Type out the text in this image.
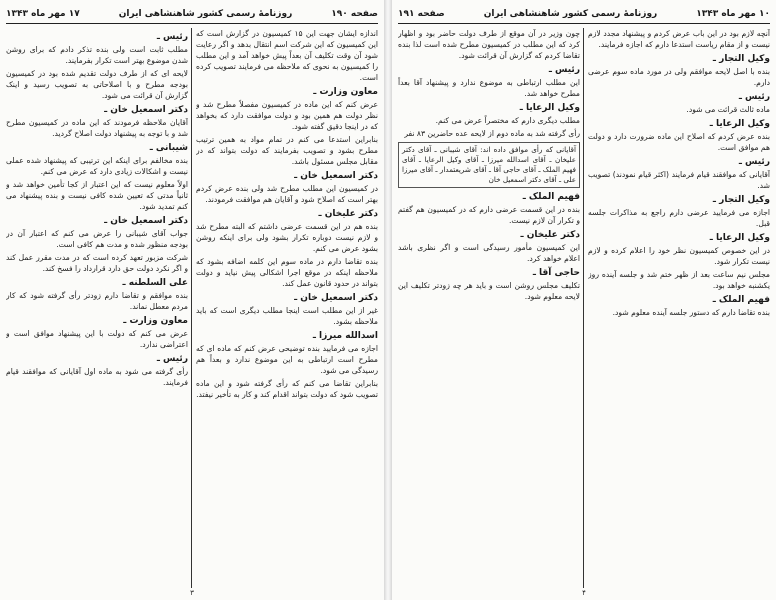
صفحه ۱۹۰
روزنامهٔ رسمی کشور شاهنشاهی ایران
۱۷ مهر ماه ۱۳۴۳

اندازه ایشان جهت این ۱۵ کمیسیون در گزارش است که این کمیسیون که این شرکت اسم انتقال بدهد و اگر رعایت شود آن وقت تکلیف آن بعداً پیش خواهد آمد و این مطلب را کمیسیون به نحوی که ملاحظه می فرمایند تصویب کرده است.

معاون وزارت ـ
عرض کنم که این ماده در کمیسیون مفصلاً مطرح شد و نظر دولت هم همین بود و دولت موافقت دارد که بخواهد که در اینجا دقیق گفته شود.

بنابراین استدعا می کنم در تمام مواد به همین ترتیب مطرح بشود و تصویب بفرمایند که دولت بتواند که در مقابل مجلس مسئول باشد.

دکتر اسمعیل خان ـ
در کمیسیون این مطلب مطرح شد ولی بنده عرض کردم بهتر است که اصلاح شود و آقایان هم موافقت فرمودند.

دکتر علیخان ـ
بنده هم در این قسمت عرضی داشتم که البته مطرح شد و لازم نیست دوباره تکرار بشود ولی برای اینکه روشن بشود عرض می کنم.

بنده تقاضا دارم در ماده سوم این کلمه اضافه بشود که ملاحظه اینکه در موقع اجرا اشکالی پیش نیاید و دولت بتواند در حدود قانون عمل کند.

دکتر اسمعیل خان ـ
غیر از این مطلب است اینجا مطلب دیگری است که باید ملاحظه بشود.

اسدالله میرزا ـ
اجازه می فرمایید بنده توضیحی عرض کنم که ماده ای که مطرح است ارتباطی به این موضوع ندارد و بعداً هم رسیدگی می شود.

بنابراین تقاضا می کنم که رأی گرفته شود و این ماده تصویب شود که دولت بتواند اقدام کند و کار به تأخیر نیفتد.

رئیس ـ
مطلب ثابت است ولی بنده تذکر دادم که برای روشن شدن موضوع بهتر است تکرار بفرمایند.

لایحه ای که از طرف دولت تقدیم شده بود در کمیسیون بودجه مطرح و با اصلاحاتی به تصویب رسید و اینک گزارش آن قرائت می شود.

دکتر اسمعیل خان ـ
آقایان ملاحظه فرمودند که این ماده در کمیسیون مطرح شد و با توجه به پیشنهاد دولت اصلاح گردید.

شیبانی ـ
بنده مخالفم برای اینکه این ترتیبی که پیشنهاد شده عملی نیست و اشکالات زیادی دارد که عرض می کنم.

اولاً معلوم نیست که این اعتبار از کجا تأمین خواهد شد و ثانیاً مدتی که تعیین شده کافی نیست و بنده پیشنهاد می کنم تمدید شود.

دکتر اسمعیل خان ـ
جواب آقای شیبانی را عرض می کنم که اعتبار آن در بودجه منظور شده و مدت هم کافی است.

شرکت مزبور تعهد کرده است که در مدت مقرر عمل کند و اگر نکرد دولت حق دارد قرارداد را فسخ کند.

علی السلطنه ـ
بنده موافقم و تقاضا دارم زودتر رأی گرفته شود که کار مردم معطل نماند.

معاون وزارت ـ
عرض می کنم که دولت با این پیشنهاد موافق است و اعتراضی ندارد.

رئیس ـ
رأی گرفته می شود به ماده اول آقایانی که موافقند قیام فرمایند.

۳
۱۰ مهر ماه ۱۳۴۳
روزنامهٔ رسمی کشور شاهنشاهی ایران
صفحه ۱۹۱

آنچه لازم بود در این باب عرض کردم و پیشنهاد مجدد لازم نیست و از مقام ریاست استدعا دارم که اجازه فرمایند.

وکیل التجار ـ
بنده با اصل لایحه موافقم ولی در مورد ماده سوم عرضی دارم.

رئیس ـ
ماده ثالث قرائت می شود.

وکیل الرعایا ـ
بنده عرض کردم که اصلاح این ماده ضرورت دارد و دولت هم موافق است.

رئیس ـ
آقایانی که موافقند قیام فرمایند (اکثر قیام نمودند) تصویب شد.

وکیل التجار ـ
اجازه می فرمایید عرضی دارم راجع به مذاکرات جلسه قبل.

وکیل الرعایا ـ
در این خصوص کمیسیون نظر خود را اعلام کرده و لازم نیست تکرار شود.

مجلس نیم ساعت بعد از ظهر ختم شد و جلسه آینده روز یکشنبه خواهد بود.

فهیم الملک ـ
بنده تقاضا دارم که دستور جلسه آینده معلوم شود.

چون وزیر در آن موقع از طرف دولت حاضر بود و اظهار کرد که این مطلب در کمیسیون مطرح شده است لذا بنده تقاضا کردم که گزارش آن قرائت شود.

رئیس ـ
این مطلب ارتباطی به موضوع ندارد و پیشنهاد آقا بعداً مطرح خواهد شد.

وکیل الرعایا ـ
مطلب دیگری دارم که مختصراً عرض می کنم.

رأی گرفته شد به ماده دوم از لایحه عده حاضرین ۸۳ نفر

آقایانی که رأی موافق داده اند: آقای شیبانی ـ آقای دکتر علیخان ـ آقای اسدالله میرزا ـ آقای وکیل الرعایا ـ آقای فهیم الملک ـ آقای حاجی آقا ـ آقای شریعتمدار ـ آقای میرزا علی ـ آقای دکتر اسمعیل خان

فهیم الملک ـ
بنده در این قسمت عرضی دارم که در کمیسیون هم گفتم و تکرار آن لازم نیست.

دکتر علیخان ـ
این کمیسیون مأمور رسیدگی است و اگر نظری باشد اعلام خواهد کرد.

حاجی آقا ـ
تکلیف مجلس روشن است و باید هر چه زودتر تکلیف این لایحه معلوم شود.

۴
